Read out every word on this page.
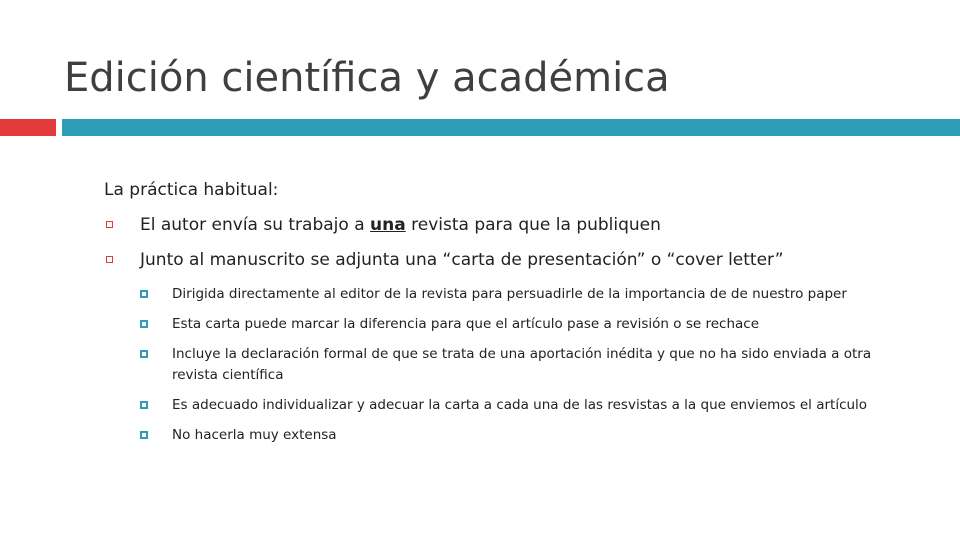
Edición científica y académica

La práctica habitual:

El autor envía su trabajo a una revista para que la publiquen
Junto al manuscrito se adjunta una “carta de presentación” o “cover letter”
Dirigida directamente al editor de la revista para persuadirle de la importancia de de nuestro paper
Esta carta puede marcar la diferencia para que el artículo pase a revisión o se rechace
Incluye la declaración formal de que se trata de una aportación inédita y que no ha sido enviada a otra revista científica
Es adecuado individualizar y adecuar la carta a cada una de las resvistas a la que enviemos el artículo
No hacerla muy extensa
